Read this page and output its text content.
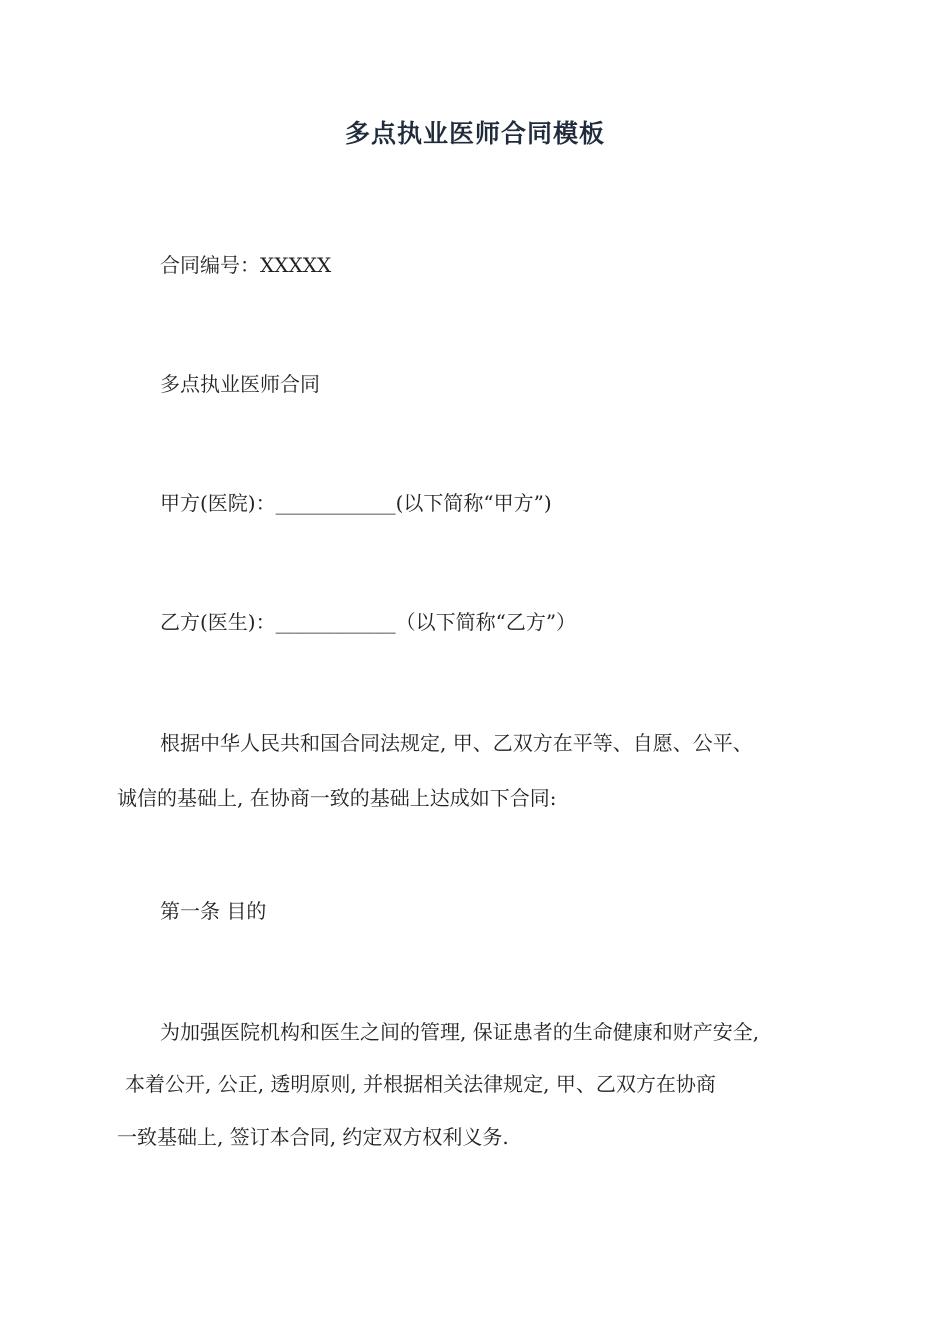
多点执业医师合同模板
合同编号：XXXXX
多点执业医师合同
甲方(医院)：____________(以下简称“甲方”)
乙方(医生)：____________（以下简称“乙方”）
根据中华人民共和国合同法规定, 甲、乙双方在平等、自愿、公平、
诚信的基础上, 在协商一致的基础上达成如下合同:
第一条 目的
为加强医院机构和医生之间的管理, 保证患者的生命健康和财产安全,
本着公开, 公正, 透明原则, 并根据相关法律规定, 甲、乙双方在协商
一致基础上, 签订本合同, 约定双方权利义务.
